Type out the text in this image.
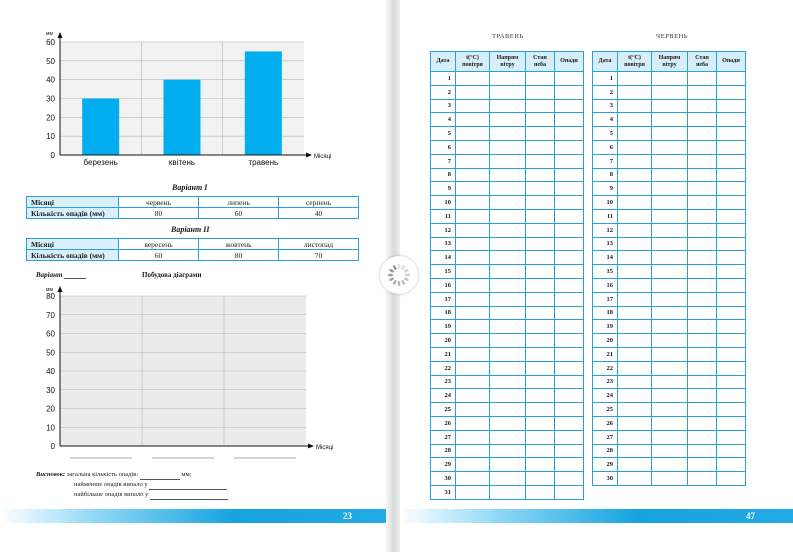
0
10
20
30
40
50
60
березень	квітень	травень
мм
Місяці
Варіант І
Місяці	червень	липень	серпень
Кількість опадів (мм)	80	60	40
Варіант ІІ
Місяці	вересень	жовтень	листопад
Кількість опадів (мм)	60	80	70
Варіант	Побудова діаграми
0
10
20
30
40
50
60
70
80
мм
Місяці
Висновок: загальна кількість опадів:	мм;
найменше опадів випало у
найбільше опадів випало у
23
ТРАВЕНЬ	ЧЕРВЕНЬ
Дата	t(°C) повітря	Напрям вітру	Стан неба	Опади
1				
2				
3				
4				
5				
6				
7				
8				
9				
10				
11				
12				
13				
14				
15				
16				
17				
18				
19				
20				
21				
22				
23				
24				
25				
26				
27				
28				
29				
30				
31				
Дата	t(°C) повітря	Напрям вітру	Стан неба	Опади
1				
2				
3				
4				
5				
6				
7				
8				
9				
10				
11				
12				
13				
14				
15				
16				
17				
18				
19				
20				
21				
22				
23				
24				
25				
26				
27				
28				
29				
30				
47
